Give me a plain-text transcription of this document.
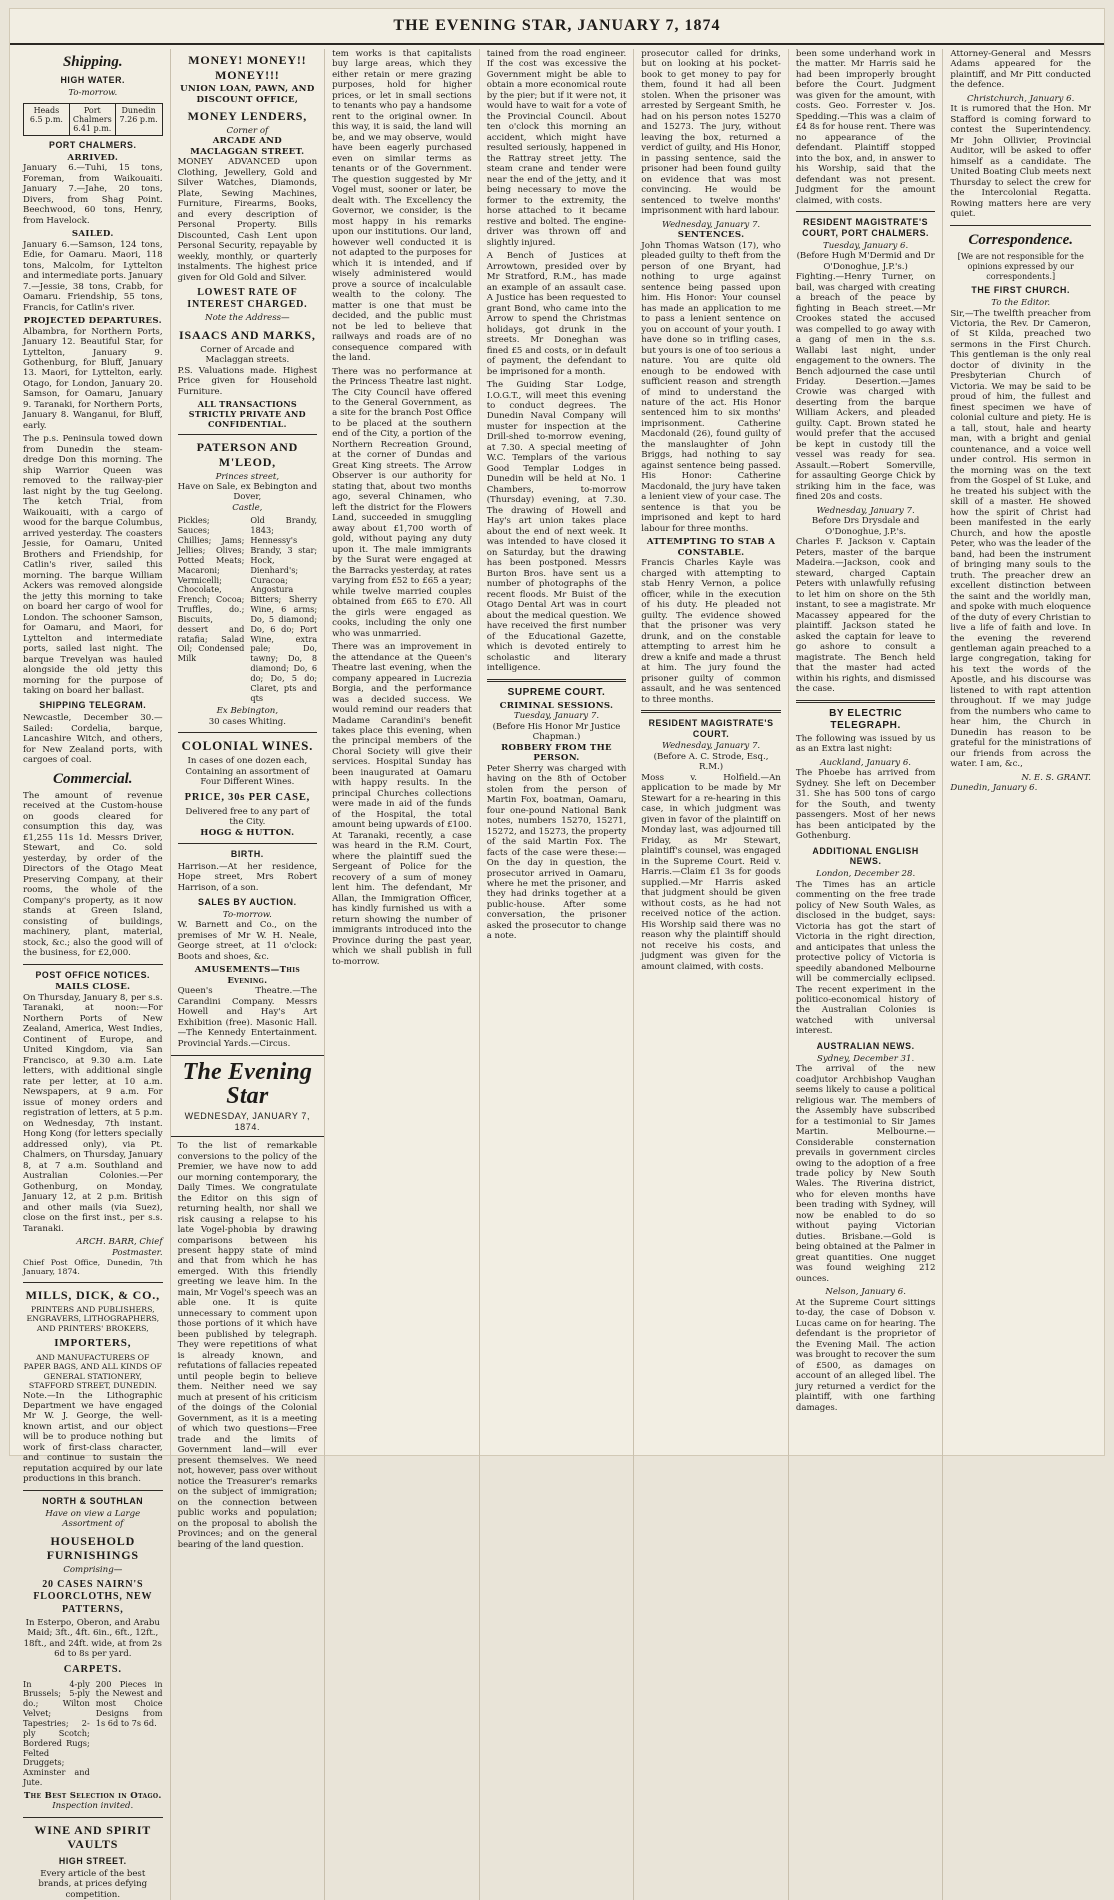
THE EVENING STAR, JANUARY 7, 1874
Shipping.
HIGH WATER.
To-morrow.
Heads
6.5 p.m.
Port Chalmers
6.41 p.m.
Dunedin
7.26 p.m.
PORT CHALMERS.
ARRIVED.

January 6.—Tuhi, 15 tons, Foreman, from Waikouaiti. January 7.—Jahe, 20 tons, Divers, from Shag Point. Beechwood, 60 tons, Henry, from Havelock.

SAILED.

January 6.—Samson, 124 tons, Edie, for Oamaru. Maori, 118 tons, Malcolm, for Lyttelton and intermediate ports. January 7.—Jessie, 38 tons, Crabb, for Oamaru. Friendship, 55 tons, Francis, for Catlin's river.

PROJECTED DEPARTURES.

Albambra, for Northern Ports, January 12. Beautiful Star, for Lyttelton, January 9. Gothenburg, for Bluff, January 13. Maori, for Lyttelton, early. Otago, for London, January 20. Samson, for Oamaru, January 9. Taranaki, for Northern Ports, January 8. Wanganui, for Bluff, early.

The p.s. Peninsula towed down from Dunedin the steam-dredge Don this morning. The ship Warrior Queen was removed to the railway-pier last night by the tug Geelong. The ketch Trial, from Waikouaiti, with a cargo of wood for the barque Columbus, arrived yesterday. The coasters Jessie, for Oamaru, United Brothers and Friendship, for Catlin's river, sailed this morning. The barque William Ackers was removed alongside the jetty this morning to take on board her cargo of wool for London. The schooner Samson, for Oamaru, and Maori, for Lyttelton and intermediate ports, sailed last night. The barque Trevelyan was hauled alongside the old jetty this morning for the purpose of taking on board her ballast.

SHIPPING TELEGRAM.

Newcastle, December 30.—Sailed: Cordelia, barque, Lancashire Witch, and others, for New Zealand ports, with cargoes of coal.

Commercial.

The amount of revenue received at the Custom-house on goods cleared for consumption this day, was £1,255 11s 1d. Messrs Driver, Stewart, and Co. sold yesterday, by order of the Directors of the Otago Meat Preserving Company, at their rooms, the whole of the Company's property, as it now stands at Green Island, consisting of buildings, machinery, plant, material, stock, &c.; also the good will of the business, for £2,000.

POST OFFICE NOTICES.
MAILS CLOSE.

On Thursday, January 8, per s.s. Taranaki, at noon:—For Northern Ports of New Zealand, America, West Indies, Continent of Europe, and United Kingdom, via San Francisco, at 9.30 a.m. Late letters, with additional single rate per letter, at 10 a.m. Newspapers, at 9 a.m. For issue of money orders and registration of letters, at 5 p.m. on Wednesday, 7th instant. Hong Kong (for letters specially addressed only), via Pt. Chalmers, on Thursday, January 8, at 7 a.m. Southland and Australian Colonies.—Per Gothenburg, on Monday, January 12, at 2 p.m. British and other mails (via Suez), close on the first inst., per s.s. Taranaki.

ARCH. BARR, Chief Postmaster.
Chief Post Office, Dunedin, 7th January, 1874.
MILLS, DICK, & CO.,
PRINTERS AND PUBLISHERS, ENGRAVERS, LITHOGRAPHERS, AND PRINTERS' BROKERS,
IMPORTERS,
AND MANUFACTURERS OF PAPER BAGS, AND ALL KINDS OF GENERAL STATIONERY, STAFFORD STREET, DUNEDIN.

Note.—In the Lithographic Department we have engaged Mr W. J. George, the well-known artist, and our object will be to produce nothing but work of first-class character, and continue to sustain the reputation acquired by our late productions in this branch.

NORTH & SOUTHLAN
Have on view a Large Assortment of
HOUSEHOLD FURNISHINGS
Comprising—
20 CASES NAIRN'S FLOORCLOTHS, NEW PATTERNS,

In Esterpo, Oberon, and Arabu Maid; 3ft., 4ft. 6in., 6ft., 12ft., 18ft., and 24ft. wide, at from 2s 6d to 8s per yard.

CARPETS.
In 4-ply Brussels; 5-ply do.; Wilton Velvet; Tapestries; 2-ply Scotch; Bordered Rugs; Felted Druggets; Axminster and Jute.
200 Pieces in the Newest and most Choice Designs from 1s 6d to 7s 6d.
The Best Selection in Otago.
Inspection invited.
WINE AND SPIRIT VAULTS
HIGH STREET.
Every article of the best brands, at prices defying competition.
MONEY! MONEY!! MONEY!!!
UNION LOAN, PAWN, AND DISCOUNT OFFICE,
MONEY LENDERS,
Corner of
ARCADE AND MACLAGGAN STREET.

MONEY ADVANCED upon Clothing, Jewellery, Gold and Silver Watches, Diamonds, Plate, Sewing Machines, Furniture, Firearms, Books, and every description of Personal Property. Bills Discounted, Cash Lent upon Personal Security, repayable by weekly, monthly, or quarterly instalments. The highest price given for Old Gold and Silver.

LOWEST RATE OF INTEREST CHARGED.
Note the Address—
ISAACS AND MARKS,
Corner of Arcade and Maclaggan streets.

P.S. Valuations made. Highest Price given for Household Furniture.

ALL TRANSACTIONS STRICTLY PRIVATE AND CONFIDENTIAL.
PATERSON AND M'LEOD,
Princes street,
Have on Sale, ex Bebington and Dover,
Castle,
Pickles; Sauces; Chillies; Jams; Jellies; Olives; Potted Meats; Macaroni; Vermicelli; Chocolate, French; Cocoa; Truffles, do.; Biscuits, dessert and ratafia; Salad Oil; Condensed Milk
Old Brandy, 1843; Hennessy's Brandy, 3 star; Hock, Dienhard's; Curacoa; Angostura Bitters; Sherry Wine, 6 arms; Do, 5 diamond; Do, 6 do; Port Wine, extra pale; Do, tawny; Do, 8 diamond; Do, 6 do; Do, 5 do; Claret, pts and qts
Ex Bebington,
30 cases Whiting.
COLONIAL WINES.
In cases of one dozen each,
Containing an assortment of Four Different Wines.
PRICE, 30s PER CASE,
Delivered free to any part of the City.
HOGG & HUTTON.
BIRTH.

Harrison.—At her residence, Hope street, Mrs Robert Harrison, of a son.

SALES BY AUCTION.
To-morrow.

W. Barnett and Co., on the premises of Mr W. H. Neale, George street, at 11 o'clock: Boots and shoes, &c.

AMUSEMENTS—This Evening.

Queen's Theatre.—The Carandini Company. Messrs Howell and Hay's Art Exhibition (free). Masonic Hall.—The Kennedy Entertainment. Provincial Yards.—Circus.

The Evening Star
WEDNESDAY, JANUARY 7, 1874.

To the list of remarkable conversions to the policy of the Premier, we have now to add our morning contemporary, the Daily Times. We congratulate the Editor on this sign of returning health, nor shall we risk causing a relapse to his late Vogel-phobia by drawing comparisons between his present happy state of mind and that from which he has emerged. With this friendly greeting we leave him. In the main, Mr Vogel's speech was an able one. It is quite unnecessary to comment upon those portions of it which have been published by telegraph. They were repetitions of what is already known, and refutations of fallacies repeated until people begin to believe them. Neither need we say much at present of his criticism of the doings of the Colonial Government, as it is a meeting of which two questions—Free trade and the limits of Government land—will ever present themselves. We need not, however, pass over without notice the Treasurer's remarks on the subject of immigration; on the connection between public works and population; on the proposal to abolish the Provinces; and on the general bearing of the land question.

tem works is that capitalists buy large areas, which they either retain or mere grazing purposes, hold for higher prices, or let in small sections to tenants who pay a handsome rent to the original owner. In this way, it is said, the land will be, and we may observe, would have been eagerly purchased even on similar terms as tenants or of the Government. The question suggested by Mr Vogel must, sooner or later, be dealt with. The Excellency the Governor, we consider, is the most happy in his remarks upon our institutions. Our land, however well conducted it is not adapted to the purposes for which it is intended, and if wisely administered would prove a source of incalculable wealth to the colony. The matter is one that must be decided, and the public must not be led to believe that railways and roads are of no consequence compared with the land.

There was no performance at the Princess Theatre last night. The City Council have offered to the General Government, as a site for the branch Post Office to be placed at the southern end of the City, a portion of the Northern Recreation Ground, at the corner of Dundas and Great King streets. The Arrow Observer is our authority for stating that, about two months ago, several Chinamen, who left the district for the Flowers Land, succeeded in smuggling away about £1,700 worth of gold, without paying any duty upon it. The male immigrants by the Surat were engaged at the Barracks yesterday, at rates varying from £52 to £65 a year; while twelve married couples obtained from £65 to £70. All the girls were engaged as cooks, including the only one who was unmarried.

There was an improvement in the attendance at the Queen's Theatre last evening, when the company appeared in Lucrezia Borgia, and the performance was a decided success. We would remind our readers that Madame Carandini's benefit takes place this evening, when the principal members of the Choral Society will give their services. Hospital Sunday has been inaugurated at Oamaru with happy results. In the principal Churches collections were made in aid of the funds of the Hospital, the total amount being upwards of £100. At Taranaki, recently, a case was heard in the R.M. Court, where the plaintiff sued the Sergeant of Police for the recovery of a sum of money lent him. The defendant, Mr Allan, the Immigration Officer, has kindly furnished us with a return showing the number of immigrants introduced into the Province during the past year, which we shall publish in full to-morrow.

tained from the road engineer. If the cost was excessive the Government might be able to obtain a more economical route by the pier; but if it were not, it would have to wait for a vote of the Provincial Council. About ten o'clock this morning an accident, which might have resulted seriously, happened in the Rattray street jetty. The steam crane and tender were near the end of the jetty, and it being necessary to move the former to the extremity, the horse attached to it became restive and bolted. The engine-driver was thrown off and slightly injured.

A Bench of Justices at Arrowtown, presided over by Mr Stratford, R.M., has made an example of an assault case. A Justice has been requested to grant Bond, who came into the Arrow to spend the Christmas holidays, got drunk in the streets. Mr Doneghan was fined £5 and costs, or in default of payment, the defendant to be imprisoned for a month.

The Guiding Star Lodge, I.O.G.T., will meet this evening to conduct degrees. The Dunedin Naval Company will muster for inspection at the Drill-shed to-morrow evening, at 7.30. A special meeting of W.C. Templars of the various Good Templar Lodges in Dunedin will be held at No. 1 Chambers, to-morrow (Thursday) evening, at 7.30. The drawing of Howell and Hay's art union takes place about the end of next week. It was intended to have closed it on Saturday, but the drawing has been postponed. Messrs Burton Bros. have sent us a number of photographs of the recent floods. Mr Buist of the Otago Dental Art was in court about the medical question. We have received the first number of the Educational Gazette, which is devoted entirely to scholastic and literary intelligence.

SUPREME COURT.
CRIMINAL SESSIONS.
Tuesday, January 7.
(Before His Honor Mr Justice Chapman.)
ROBBERY FROM THE PERSON.

Peter Sherry was charged with having on the 8th of October stolen from the person of Martin Fox, boatman, Oamaru, four one-pound National Bank notes, numbers 15270, 15271, 15272, and 15273, the property of the said Martin Fox. The facts of the case were these:—On the day in question, the prosecutor arrived in Oamaru, where he met the prisoner, and they had drinks together at a public-house. After some conversation, the prisoner asked the prosecutor to change a note.

prosecutor called for drinks, but on looking at his pocket-book to get money to pay for them, found it had all been stolen. When the prisoner was arrested by Sergeant Smith, he had on his person notes 15270 and 15273. The jury, without leaving the box, returned a verdict of guilty, and His Honor, in passing sentence, said the prisoner had been found guilty on evidence that was most convincing. He would be sentenced to twelve months' imprisonment with hard labour.

Wednesday, January 7.
SENTENCES.

John Thomas Watson (17), who pleaded guilty to theft from the person of one Bryant, had nothing to urge against sentence being passed upon him. His Honor: Your counsel has made an application to me to pass a lenient sentence on you on account of your youth. I have done so in trifling cases, but yours is one of too serious a nature. You are quite old enough to be endowed with sufficient reason and strength of mind to understand the nature of the act. His Honor sentenced him to six months' imprisonment. Catherine Macdonald (26), found guilty of the manslaughter of John Briggs, had nothing to say against sentence being passed. His Honor: Catherine Macdonald, the jury have taken a lenient view of your case. The sentence is that you be imprisoned and kept to hard labour for three months.

ATTEMPTING TO STAB A CONSTABLE.

Francis Charles Kayle was charged with attempting to stab Henry Vernon, a police officer, while in the execution of his duty. He pleaded not guilty. The evidence showed that the prisoner was very drunk, and on the constable attempting to arrest him he drew a knife and made a thrust at him. The jury found the prisoner guilty of common assault, and he was sentenced to three months.

RESIDENT MAGISTRATE'S COURT.
Wednesday, January 7.
(Before A. C. Strode, Esq., R.M.)

Moss v. Holfield.—An application to be made by Mr Stewart for a re-hearing in this case, in which judgment was given in favor of the plaintiff on Monday last, was adjourned till Friday, as Mr Stewart, plaintiff's counsel, was engaged in the Supreme Court. Reid v. Harris.—Claim £1 3s for goods supplied.—Mr Harris asked that judgment should be given without costs, as he had not received notice of the action. His Worship said there was no reason why the plaintiff should not receive his costs, and judgment was given for the amount claimed, with costs.

been some underhand work in the matter. Mr Harris said he had been improperly brought before the Court. Judgment was given for the amount, with costs. Geo. Forrester v. Jos. Spedding.—This was a claim of £4 8s for house rent. There was no appearance of the defendant. Plaintiff stopped into the box, and, in answer to his Worship, said that the defendant was not present. Judgment for the amount claimed, with costs.

RESIDENT MAGISTRATE'S COURT, PORT CHALMERS.
Tuesday, January 6.
(Before Hugh M'Dermid and Dr O'Donoghue, J.P.'s.)

Fighting.—Henry Turner, on bail, was charged with creating a breach of the peace by fighting in Beach street.—Mr Crookes stated the accused was compelled to go away with a gang of men in the s.s. Wallabi last night, under engagement to the owners. The Bench adjourned the case until Friday. Desertion.—James Crowie was charged with deserting from the barque William Ackers, and pleaded guilty. Capt. Brown stated he would prefer that the accused be kept in custody till the vessel was ready for sea. Assault.—Robert Somerville, for assaulting George Chick by striking him in the face, was fined 20s and costs.

Wednesday, January 7.
Before Drs Drysdale and O'Donoghue, J.P.'s.

Charles F. Jackson v. Captain Peters, master of the barque Madeira.—Jackson, cook and steward, charged Captain Peters with unlawfully refusing to let him on shore on the 5th instant, to see a magistrate. Mr Macassey appeared for the plaintiff. Jackson stated he asked the captain for leave to go ashore to consult a magistrate. The Bench held that the master had acted within his rights, and dismissed the case.

BY ELECTRIC TELEGRAPH.

The following was issued by us as an Extra last night:

Auckland, January 6.

The Phoebe has arrived from Sydney. She left on December 31. She has 500 tons of cargo for the South, and twenty passengers. Most of her news has been anticipated by the Gothenburg.

ADDITIONAL ENGLISH NEWS.
London, December 28.

The Times has an article commenting on the free trade policy of New South Wales, as disclosed in the budget, says: Victoria has got the start of Victoria in the right direction, and anticipates that unless the protective policy of Victoria is speedily abandoned Melbourne will be commercially eclipsed. The recent experiment in the politico-economical history of the Australian Colonies is watched with universal interest.

AUSTRALIAN NEWS.
Sydney, December 31.

The arrival of the new coadjutor Archbishop Vaughan seems likely to cause a political religious war. The members of the Assembly have subscribed for a testimonial to Sir James Martin. Melbourne.—Considerable consternation prevails in government circles owing to the adoption of a free trade policy by New South Wales. The Riverina district, who for eleven months have been trading with Sydney, will now be enabled to do so without paying Victorian duties. Brisbane.—Gold is being obtained at the Palmer in great quantities. One nugget was found weighing 212 ounces.

Nelson, January 6.

At the Supreme Court sittings to-day, the case of Dobson v. Lucas came on for hearing. The defendant is the proprietor of the Evening Mail. The action was brought to recover the sum of £500, as damages on account of an alleged libel. The jury returned a verdict for the plaintiff, with one farthing damages.

Attorney-General and Messrs Adams appeared for the plaintiff, and Mr Pitt conducted the defence.

Christchurch, January 6.

It is rumored that the Hon. Mr Stafford is coming forward to contest the Superintendency. Mr John Ollivier, Provincial Auditor, will be asked to offer himself as a candidate. The United Boating Club meets next Thursday to select the crew for the Intercolonial Regatta. Rowing matters here are very quiet.

Correspondence.

[We are not responsible for the opinions expressed by our correspondents.]

THE FIRST CHURCH.
To the Editor.

Sir,—The twelfth preacher from Victoria, the Rev. Dr Cameron, of St Kilda, preached two sermons in the First Church. This gentleman is the only real doctor of divinity in the Presbyterian Church of Victoria. We may be said to be proud of him, the fullest and finest specimen we have of colonial culture and piety. He is a tall, stout, hale and hearty man, with a bright and genial countenance, and a voice well under control. His sermon in the morning was on the text from the Gospel of St Luke, and he treated his subject with the skill of a master. He showed how the spirit of Christ had been manifested in the early Church, and how the apostle Peter, who was the leader of the band, had been the instrument of bringing many souls to the truth. The preacher drew an excellent distinction between the saint and the worldly man, and spoke with much eloquence of the duty of every Christian to live a life of faith and love. In the evening the reverend gentleman again preached to a large congregation, taking for his text the words of the Apostle, and his discourse was listened to with rapt attention throughout. If we may judge from the numbers who came to hear him, the Church in Dunedin has reason to be grateful for the ministrations of our friends from across the water. I am, &c.,

N. E. S. GRANT.
Dunedin, January 6.
